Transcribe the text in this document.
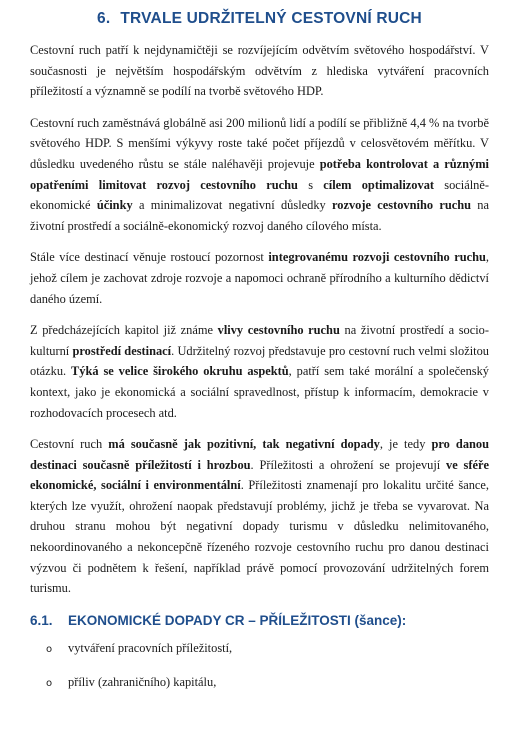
6. TRVALE UDRŽITELNÝ CESTOVNÍ RUCH

Cestovní ruch patří k nejdynamičtěji se rozvíjejícím odvětvím světového hospodářství. V současnosti je největším hospodářským odvětvím z hlediska vytváření pracovních příležitostí a významně se podílí na tvorbě světového HDP.

Cestovní ruch zaměstnává globálně asi 200 milionů lidí a podílí se přibližně 4,4 % na tvorbě světového HDP. S menšími výkyvy roste také počet příjezdů v celosvětovém měřítku. V důsledku uvedeného růstu se stále naléhavěji projevuje potřeba kontrolovat a různými opatřeními limitovat rozvoj cestovního ruchu s cílem optimalizovat sociálně-ekonomické účinky a minimalizovat negativní důsledky rozvoje cestovního ruchu na životní prostředí a sociálně-ekonomický rozvoj daného cílového místa.

Stále více destinací věnuje rostoucí pozornost integrovanému rozvoji cestovního ruchu, jehož cílem je zachovat zdroje rozvoje a napomoci ochraně přírodního a kulturního dědictví daného území.

Z předcházejících kapitol již známe vlivy cestovního ruchu na životní prostředí a socio-kulturní prostředí destinací. Udržitelný rozvoj představuje pro cestovní ruch velmi složitou otázku. Týká se velice širokého okruhu aspektů, patří sem také morální a společenský kontext, jako je ekonomická a sociální spravedlnost, přístup k informacím, demokracie v rozhodovacích procesech atd.

Cestovní ruch má současně jak pozitivní, tak negativní dopady, je tedy pro danou destinaci současně příležitostí i hrozbou. Příležitosti a ohrožení se projevují ve sféře ekonomické, sociální i environmentální. Příležitosti znamenají pro lokalitu určité šance, kterých lze využít, ohrožení naopak představují problémy, jichž je třeba se vyvarovat. Na druhou stranu mohou být negativní dopady turismu v důsledku nelimitovaného, nekoordinovaného a nekoncepčně řízeného rozvoje cestovního ruchu pro danou destinaci výzvou či podnětem k řešení, například právě pomocí provozování udržitelných forem turismu.

6.1. EKONOMICKÉ DOPADY CR – PŘÍLEŽITOSTI (šance):
o	vytváření pracovních příležitostí,
o	příliv (zahraničního) kapitálu,
